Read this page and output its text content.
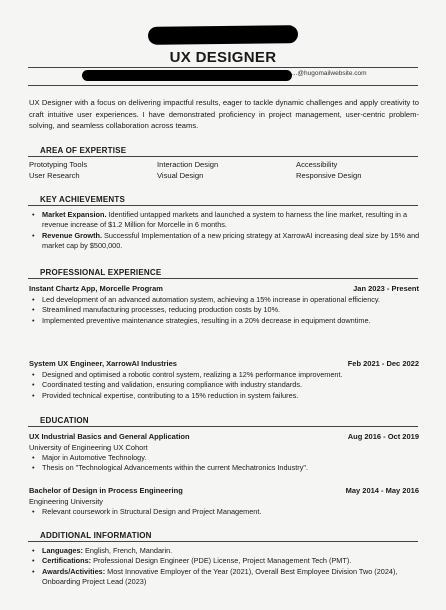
UX DESIGNER
...@hugomailwebsite.com
UX Designer with a focus on delivering impactful results, eager to tackle dynamic challenges and apply creativity to craft intuitive user experiences. I have demonstrated proficiency in project management, user-centric problem-solving, and seamless collaboration across teams.
AREA OF EXPERTISE
Prototyping Tools	Interaction Design	Accessibility
User Research	Visual Design	Responsive Design
KEY ACHIEVEMENTS
• Market Expansion. Identified untapped markets and launched a system to harness the line market, resulting in a revenue increase of $1.2 Million for Morcelle in 6 months.
• Revenue Growth. Successful Implementation of a new pricing strategy at XarrowAI increasing deal size by 15% and market cap by $500,000.
PROFESSIONAL EXPERIENCE
Instant Chartz App, Morcelle Program	Jan 2023 - Present
• Led development of an advanced automation system, achieving a 15% increase in operational efficiency.
• Streamlined manufacturing processes, reducing production costs by 10%.
• Implemented preventive maintenance strategies, resulting in a 20% decrease in equipment downtime.
System UX Engineer, XarrowAI Industries	Feb 2021 - Dec 2022
• Designed and optimised a robotic control system, realizing a 12% performance improvement.
• Coordinated testing and validation, ensuring compliance with industry standards.
• Provided technical expertise, contributing to a 15% reduction in system failures.
EDUCATION
UX Industrial Basics and General Application	Aug 2016 - Oct 2019
University of Engineering UX Cohort
• Major in Automotive Technology.
• Thesis on "Technological Advancements within the current Mechatronics Industry".
Bachelor of Design in Process Engineering	May 2014 - May 2016
Engineering University
• Relevant coursework in Structural Design and Project Management.
ADDITIONAL INFORMATION
• Languages: English, French, Mandarin.
• Certifications: Professional Design Engineer (PDE) License, Project Management Tech (PMT).
• Awards/Activities: Most Innovative Employer of the Year (2021), Overall Best Employee Division Two (2024), Onboarding Project Lead (2023)
